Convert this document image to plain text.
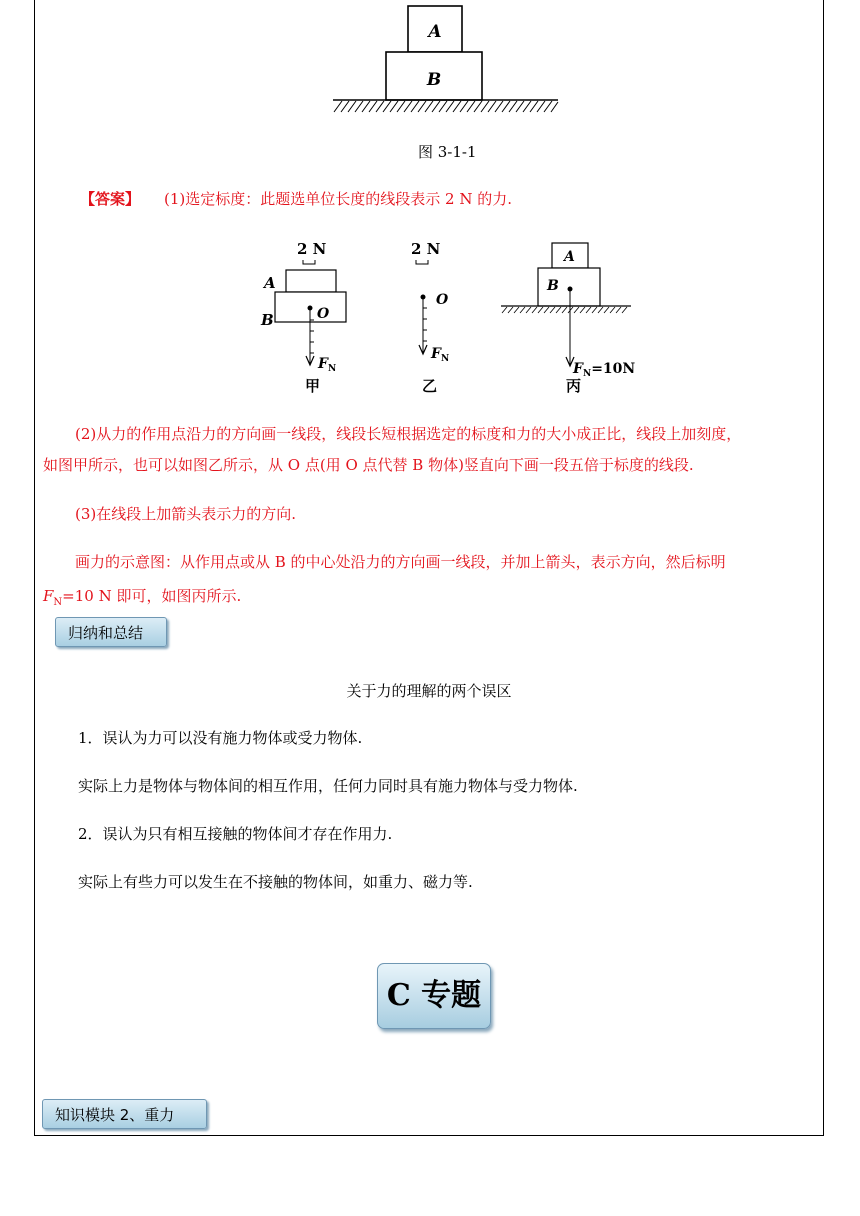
A
B
图 3-1-1
【答案】 (1)选定标度：此题选单位长度的线段表示 2 N 的力.
2 N
A
B	O
$F_N$
甲
2 N
O
$F_N$
乙
A
B
$F_N=10N$
丙
(2)从力的作用点沿力的方向画一线段，线段长短根据选定的标度和力的大小成正比，线段上加刻度，
如图甲所示，也可以如图乙所示，从 O 点(用 O 点代替 B 物体)竖直向下画一段五倍于标度的线段.
(3)在线段上加箭头表示力的方向.
画力的示意图：从作用点或从 B 的中心处沿力的方向画一线段，并加上箭头，表示方向，然后标明
$F_N=10$ N 即可，如图丙所示.
归纳和总结
关于力的理解的两个误区
1．误认为力可以没有施力物体或受力物体.
实际上力是物体与物体间的相互作用，任何力同时具有施力物体与受力物体.
2．误认为只有相互接触的物体间才存在作用力.
实际上有些力可以发生在不接触的物体间，如重力、磁力等.
C 专题
知识模块 2、重力
